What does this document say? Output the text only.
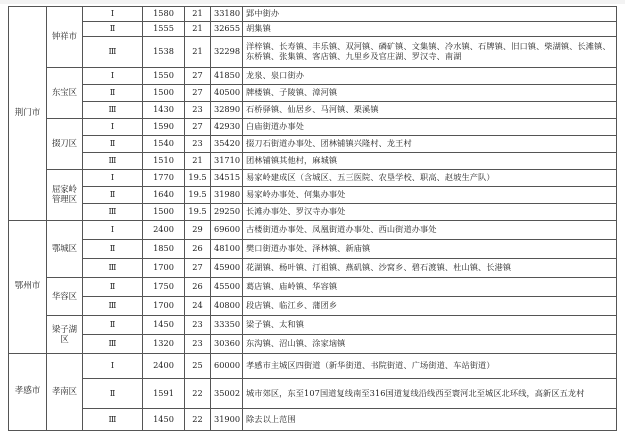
荆门市	钟祥市	Ⅰ	1580	21	33180	郢中街办
		Ⅱ	1555	21	32655	胡集镇
		Ⅲ	1538	21	32298	洋梓镇、长寿镇、丰乐镇、双河镇、磷矿镇、文集镇、冷水镇、石牌镇、旧口镇、柴湖镇、长滩镇、东桥镇、张集镇、客店镇、九里乡及官庄湖、罗汉寺、南湖
	东宝区	Ⅰ	1550	27	41850	龙泉、泉口街办
		Ⅱ	1500	27	40500	牌楼镇、子陵镇、漳河镇
		Ⅲ	1430	23	32890	石桥驿镇、仙居乡、马河镇、栗溪镇
	掇刀区	Ⅰ	1590	27	42930	白庙街道办事处
		Ⅱ	1540	23	35420	掇刀石街道办事处、团林铺镇兴隆村、龙王村
		Ⅲ	1510	21	31710	团林铺镇其他村，麻城镇
	屈家岭管理区	Ⅰ	1770	19.5	34515	易家岭建成区（含城区、五三医院、农垦学校、职高、赵坡生产队）
		Ⅱ	1640	19.5	31980	易家岭办事处、何集办事处
		Ⅲ	1500	19.5	29250	长滩办事处、罗汉寺办事处
鄂州市	鄂城区	Ⅰ	2400	29	69600	古楼街道办事处、凤凰街道办事处、西山街道办事处
		Ⅱ	1850	26	48100	樊口街道办事处、泽林镇、新庙镇
		Ⅲ	1700	27	45900	花湖镇、杨叶镇、汀祖镇、燕矶镇、沙窝乡、碧石渡镇、杜山镇、长港镇
	华容区	Ⅱ	1750	26	45500	葛店镇、庙岭镇、华容镇
		Ⅲ	1700	24	40800	段店镇、临江乡、蒲团乡
	梁子湖区	Ⅱ	1450	23	33350	梁子镇、太和镇
		Ⅲ	1320	23	30360	东沟镇、沼山镇、涂家垴镇
孝感市	孝南区	Ⅰ	2400	25	60000	孝感市主城区四街道（新华街道、书院街道、广场街道、车站街道）
		Ⅱ	1591	22	35002	城市郊区，东至107国道复线南至316国道复线沿线西至寰河北至城区北环线，高新区五龙村
		Ⅲ	1450	22	31900	除去以上范围
